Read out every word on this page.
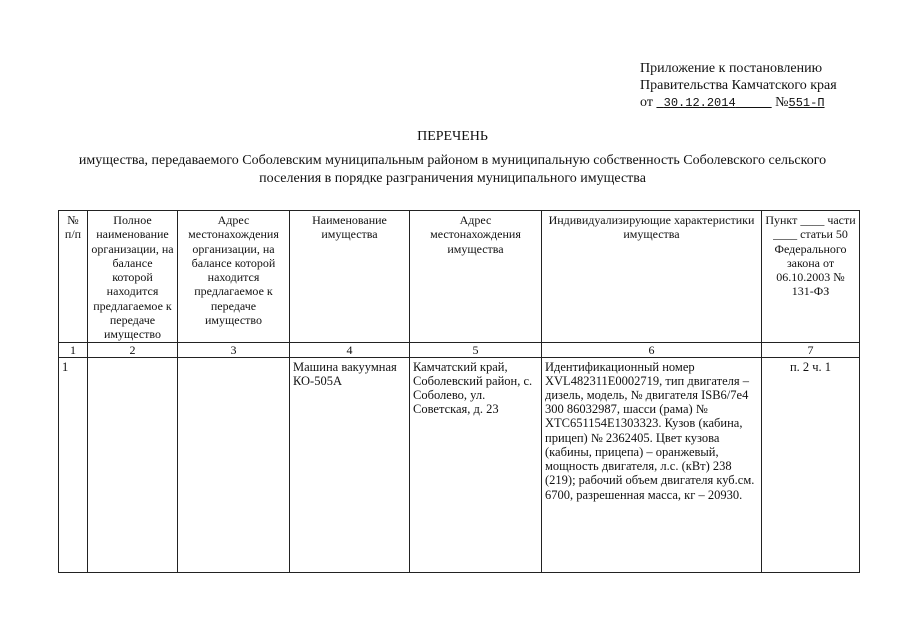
Приложение к постановлению
Правительства Камчатского края
от 30.12.2014	№551-П
ПЕРЕЧЕНЬ
имущества, передаваемого Соболевским муниципальным районом в муниципальную собственность Соболевского сельского поселения в порядке разграничения муниципального имущества
№ п/п	Полное наименование организации, на балансе которой находится предлагаемое к передаче имущество	Адрес местонахождения организации, на балансе которой находится предлагаемое к передаче имущество	Наименование имущества	Адрес местонахождения имущества	Индивидуализирующие характеристики имущества	Пункт ____ части ____ статьи 50 Федерального закона от 06.10.2003 № 131-ФЗ
1	2	3	4	5	6	7
1			Машина вакуумная КО-505А	Камчатский край, Соболевский район, с. Соболево, ул. Советская, д. 23	Идентификационный номер XVL482311E0002719, тип двигателя – дизель, модель, № двигателя ISB6/7e4 300 86032987, шасси (рама) № XTC651154E1303323. Кузов (кабина, прицеп) № 2362405. Цвет кузова (кабины, прицепа) – оранжевый, мощность двигателя, л.с. (кВт) 238 (219); рабочий объем двигателя куб.см. 6700, разрешенная масса, кг – 20930.	п. 2 ч. 1
